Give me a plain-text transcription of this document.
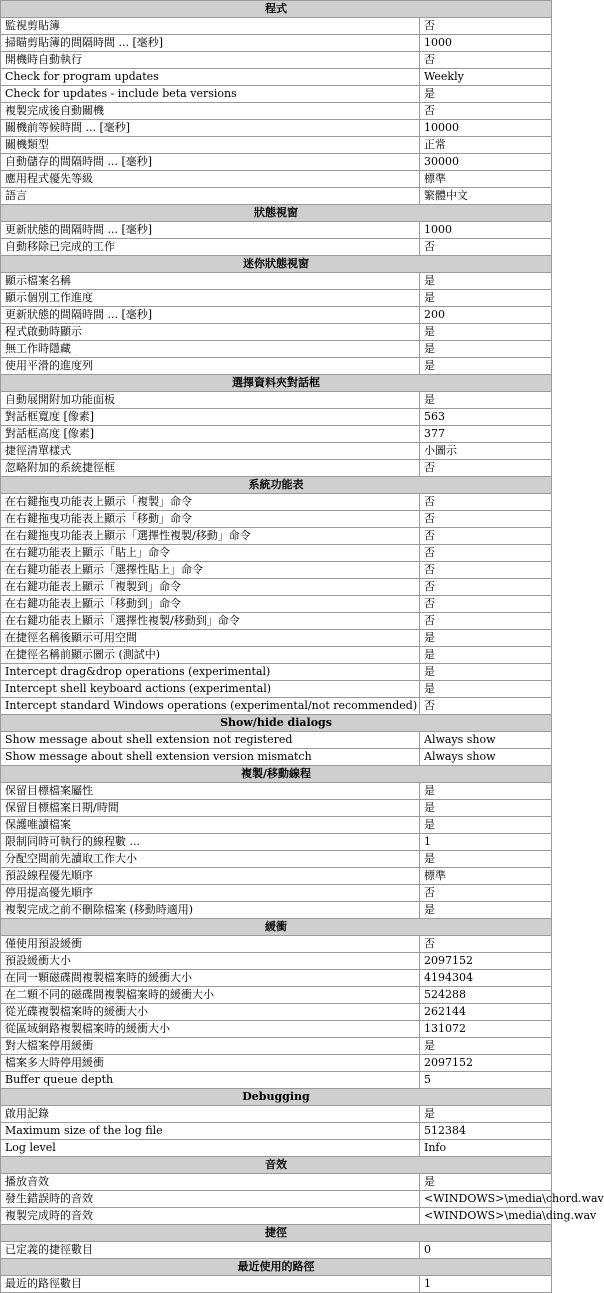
程式	
監視剪貼簿	否
掃瞄剪貼簿的間隔時間 ... [毫秒]	1000
開機時自動執行	否
Check for program updates	Weekly
Check for updates - include beta versions	是
複製完成後自動關機	否
關機前等候時間 ... [毫秒]	10000
關機類型	正常
自動儲存的間隔時間 ... [毫秒]	30000
應用程式優先等級	標準
語言	繁體中文
狀態視窗	
更新狀態的間隔時間 ... [毫秒]	1000
自動移除已完成的工作	否
迷你狀態視窗	
顯示檔案名稱	是
顯示個別工作進度	是
更新狀態的間隔時間 ... [毫秒]	200
程式啟動時顯示	是
無工作時隱藏	是
使用平滑的進度列	是
選擇資料夾對話框	
自動展開附加功能面板	是
對話框寬度 [像素]	563
對話框高度 [像素]	377
捷徑清單樣式	小圖示
忽略附加的系統捷徑框	否
系統功能表	
在右鍵拖曳功能表上顯示「複製」命令	否
在右鍵拖曳功能表上顯示「移動」命令	否
在右鍵拖曳功能表上顯示「選擇性複製/移動」命令	否
在右鍵功能表上顯示「貼上」命令	否
在右鍵功能表上顯示「選擇性貼上」命令	否
在右鍵功能表上顯示「複製到」命令	否
在右鍵功能表上顯示「移動到」命令	否
在右鍵功能表上顯示「選擇性複製/移動到」命令	否
在捷徑名稱後顯示可用空間	是
在捷徑名稱前顯示圖示 (測試中)	是
Intercept drag&drop operations (experimental)	是
Intercept shell keyboard actions (experimental)	是
Intercept standard Windows operations (experimental/not recommended)	否
Show/hide dialogs	
Show message about shell extension not registered	Always show
Show message about shell extension version mismatch	Always show
複製/移動線程	
保留目標檔案屬性	是
保留目標檔案日期/時間	是
保護唯讀檔案	是
限制同時可執行的線程數 ...	1
分配空間前先讀取工作大小	是
預設線程優先順序	標準
停用提高優先順序	否
複製完成之前不刪除檔案 (移動時適用)	是
緩衝	
僅使用預設緩衝	否
預設緩衝大小	2097152
在同一顆磁碟間複製檔案時的緩衝大小	4194304
在二顆不同的磁碟間複製檔案時的緩衝大小	524288
從光碟複製檔案時的緩衝大小	262144
從區域網路複製檔案時的緩衝大小	131072
對大檔案停用緩衝	是
檔案多大時停用緩衝	2097152
Buffer queue depth	5
Debugging	
啟用記錄	是
Maximum size of the log file	512384
Log level	Info
音效	
播放音效	是
發生錯誤時的音效	<WINDOWS>\media\chord.wav
複製完成時的音效	<WINDOWS>\media\ding.wav
捷徑	
已定義的捷徑數目	0
最近使用的路徑	
最近的路徑數目	1
